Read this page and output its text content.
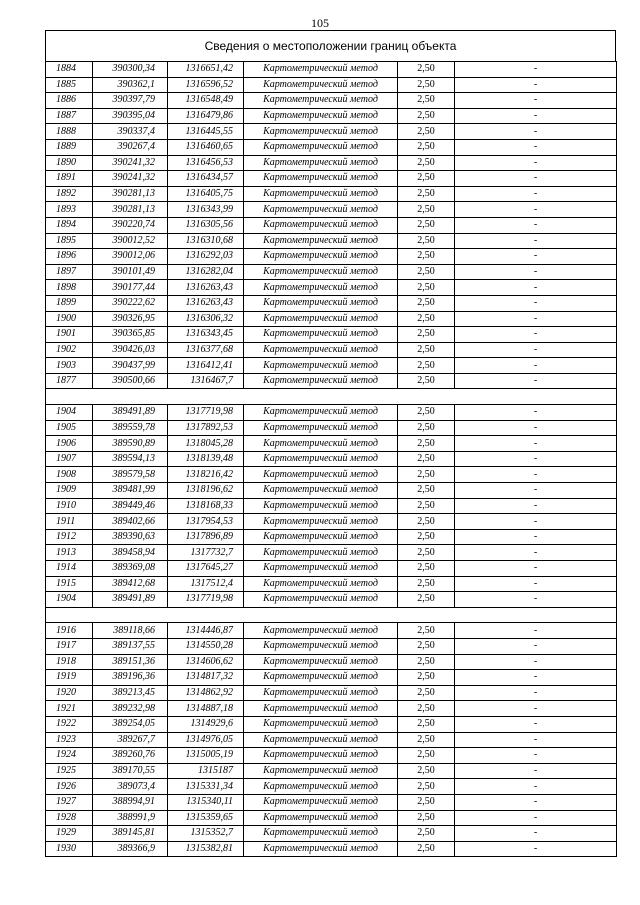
105
Сведения о местоположении границ объекта
1884	390300,34	1316651,42	Картометрический метод	2,50	-
1885	390362,1	1316596,52	Картометрический метод	2,50	-
1886	390397,79	1316548,49	Картометрический метод	2,50	-
1887	390395,04	1316479,86	Картометрический метод	2,50	-
1888	390337,4	1316445,55	Картометрический метод	2,50	-
1889	390267,4	1316460,65	Картометрический метод	2,50	-
1890	390241,32	1316456,53	Картометрический метод	2,50	-
1891	390241,32	1316434,57	Картометрический метод	2,50	-
1892	390281,13	1316405,75	Картометрический метод	2,50	-
1893	390281,13	1316343,99	Картометрический метод	2,50	-
1894	390220,74	1316305,56	Картометрический метод	2,50	-
1895	390012,52	1316310,68	Картометрический метод	2,50	-
1896	390012,06	1316292,03	Картометрический метод	2,50	-
1897	390101,49	1316282,04	Картометрический метод	2,50	-
1898	390177,44	1316263,43	Картометрический метод	2,50	-
1899	390222,62	1316263,43	Картометрический метод	2,50	-
1900	390326,95	1316306,32	Картометрический метод	2,50	-
1901	390365,85	1316343,45	Картометрический метод	2,50	-
1902	390426,03	1316377,68	Картометрический метод	2,50	-
1903	390437,99	1316412,41	Картометрический метод	2,50	-
1877	390500,66	1316467,7	Картометрический метод	2,50	-

1904	389491,89	1317719,98	Картометрический метод	2,50	-
1905	389559,78	1317892,53	Картометрический метод	2,50	-
1906	389590,89	1318045,28	Картометрический метод	2,50	-
1907	389594,13	1318139,48	Картометрический метод	2,50	-
1908	389579,58	1318216,42	Картометрический метод	2,50	-
1909	389481,99	1318196,62	Картометрический метод	2,50	-
1910	389449,46	1318168,33	Картометрический метод	2,50	-
1911	389402,66	1317954,53	Картометрический метод	2,50	-
1912	389390,63	1317896,89	Картометрический метод	2,50	-
1913	389458,94	1317732,7	Картометрический метод	2,50	-
1914	389369,08	1317645,27	Картометрический метод	2,50	-
1915	389412,68	1317512,4	Картометрический метод	2,50	-
1904	389491,89	1317719,98	Картометрический метод	2,50	-

1916	389118,66	1314446,87	Картометрический метод	2,50	-
1917	389137,55	1314550,28	Картометрический метод	2,50	-
1918	389151,36	1314606,62	Картометрический метод	2,50	-
1919	389196,36	1314817,32	Картометрический метод	2,50	-
1920	389213,45	1314862,92	Картометрический метод	2,50	-
1921	389232,98	1314887,18	Картометрический метод	2,50	-
1922	389254,05	1314929,6	Картометрический метод	2,50	-
1923	389267,7	1314976,05	Картометрический метод	2,50	-
1924	389260,76	1315005,19	Картометрический метод	2,50	-
1925	389170,55	1315187	Картометрический метод	2,50	-
1926	389073,4	1315331,34	Картометрический метод	2,50	-
1927	388994,91	1315340,11	Картометрический метод	2,50	-
1928	388991,9	1315359,65	Картометрический метод	2,50	-
1929	389145,81	1315352,7	Картометрический метод	2,50	-
1930	389366,9	1315382,81	Картометрический метод	2,50	-
